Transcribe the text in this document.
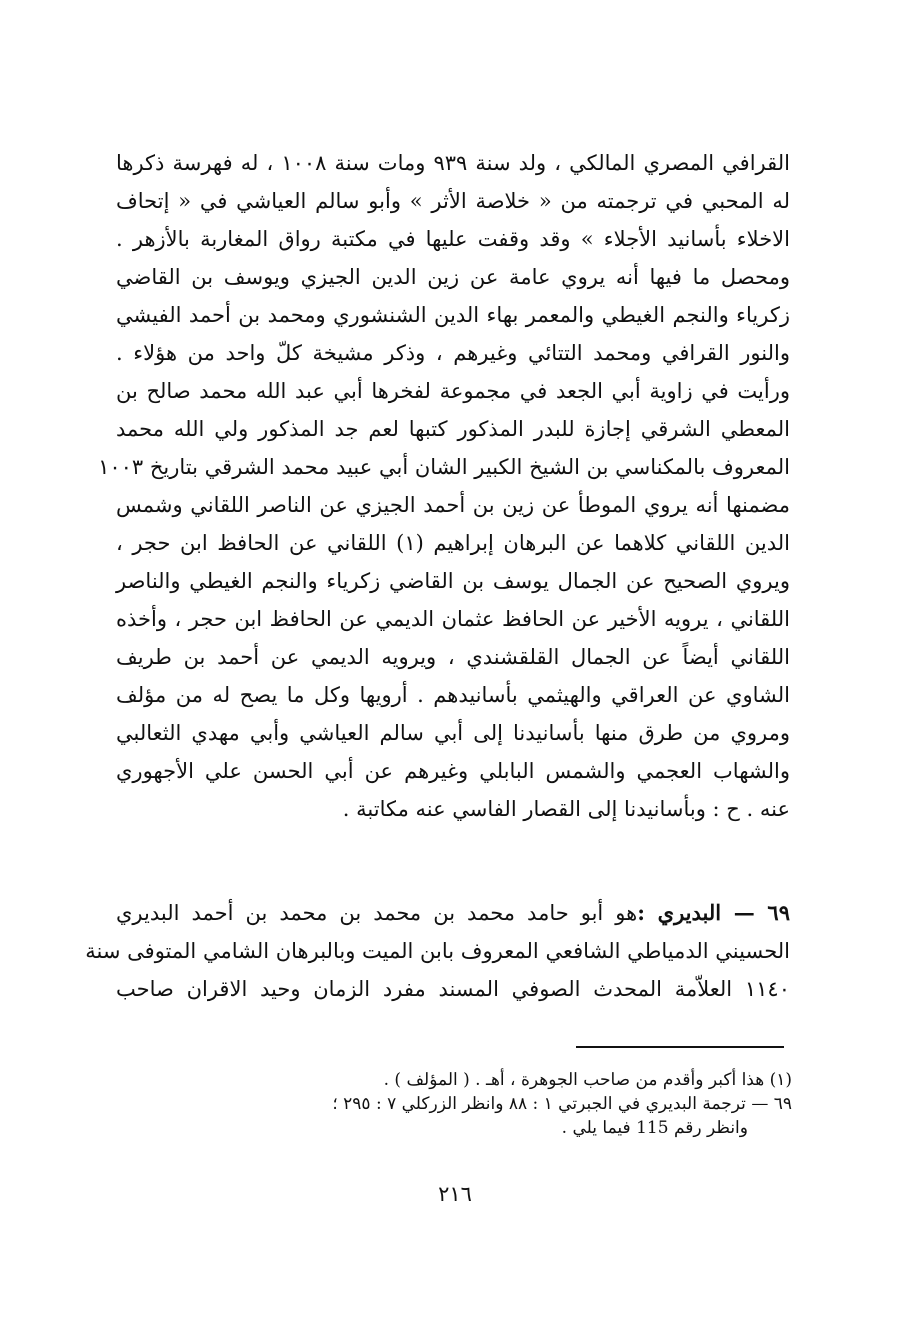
القرافي المصري المالكي ، ولد سنة ٩٣٩ ومات سنة ١٠٠٨ ، له فهرسة ذكرها
له المحبي في ترجمته من « خلاصة الأثر » وأبو سالم العياشي في « إتحاف
الاخلاء بأسانيد الأجلاء » وقد وقفت عليها في مكتبة رواق المغاربة بالأزهر .
ومحصل ما فيها أنه يروي عامة عن زين الدين الجيزي ويوسف بن القاضي
زكرياء والنجم الغيطي والمعمر بهاء الدين الشنشوري ومحمد بن أحمد الفيشي
والنور القرافي ومحمد التتائي وغيرهم ، وذكر مشيخة كلّ واحد من هؤلاء .
ورأيت في زاوية أبي الجعد في مجموعة لفخرها أبي عبد الله محمد صالح بن
المعطي الشرقي إجازة للبدر المذكور كتبها لعم جد المذكور ولي الله محمد
المعروف بالمكناسي بن الشيخ الكبير الشان أبي عبيد محمد الشرقي بتاريخ ١٠٠٣
مضمنها أنه يروي الموطأ عن زين بن أحمد الجيزي عن الناصر اللقاني وشمس
الدين اللقاني كلاهما عن البرهان إبراهيم (١) اللقاني عن الحافظ ابن حجر ،
ويروي الصحيح عن الجمال يوسف بن القاضي زكرياء والنجم الغيطي والناصر
اللقاني ، يرويه الأخير عن الحافظ عثمان الديمي عن الحافظ ابن حجر ، وأخذه
اللقاني أيضاً عن الجمال القلقشندي ، ويرويه الديمي عن أحمد بن طريف
الشاوي عن العراقي والهيثمي بأسانيدهم . أرويها وكل ما يصح له من مؤلف
ومروي من طرق منها بأسانيدنا إلى أبي سالم العياشي وأبي مهدي الثعالبي
والشهاب العجمي والشمس البابلي وغيرهم عن أبي الحسن علي الأجهوري
عنه . ح : وبأسانيدنا إلى القصار الفاسي عنه مكاتبة .
٦٩ — البديري :هو أبو حامد محمد بن محمد بن محمد بن أحمد البديري
الحسيني الدمياطي الشافعي المعروف بابن الميت وبالبرهان الشامي المتوفى سنة
١١٤٠ العلاّمة المحدث الصوفي المسند مفرد الزمان وحيد الاقران صاحب
(١) هذا أكبر وأقدم من صاحب الجوهرة ، أهـ . ( المؤلف ) .
٦٩ — ترجمة البديري في الجبرتي ١ : ٨٨ وانظر الزركلي ٧ : ٢٩٥ ؛
وانظر رقم 115 فيما يلي .
٢١٦
